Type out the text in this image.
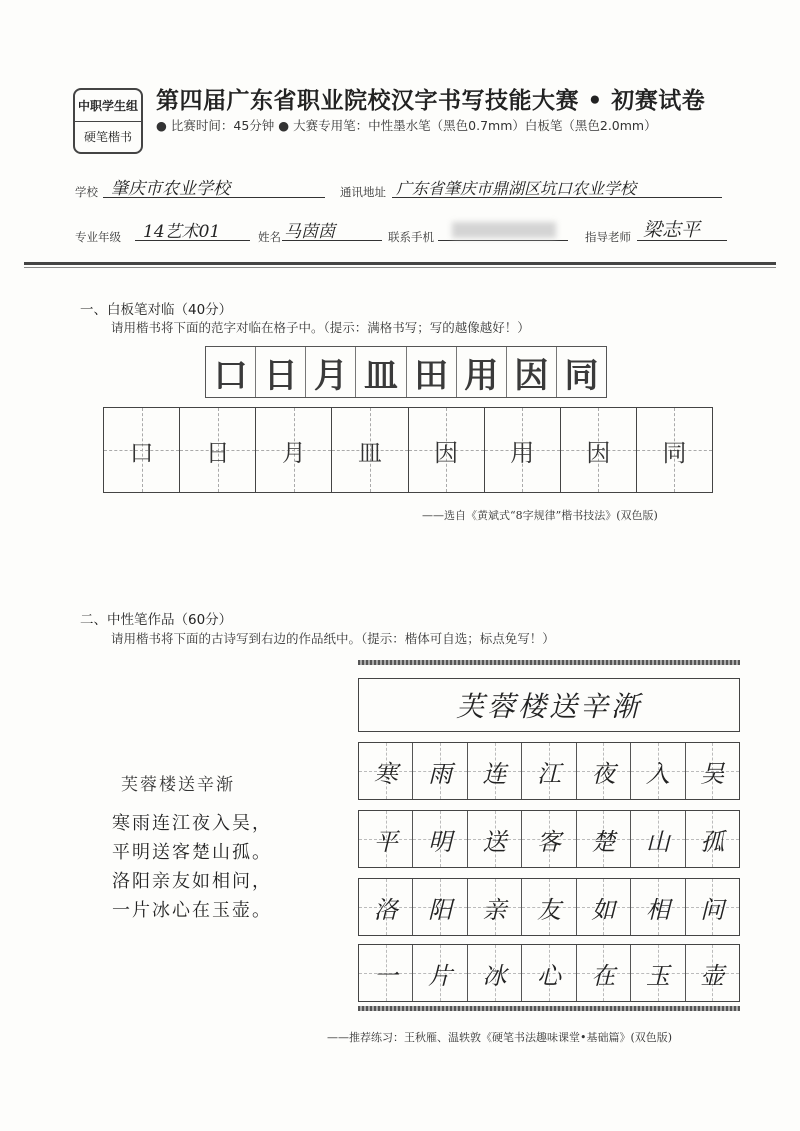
中职学生组
硬笔楷书
第四届广东省职业院校汉字书写技能大赛 • 初赛试卷
● 比赛时间：45分钟 ● 大赛专用笔：中性墨水笔（黑色0.7mm）白板笔（黑色2.0mm）
学校 肇庆市农业学校	通讯地址 广东省肇庆市鼎湖区坑口农业学校
专业年级 14艺术01	姓名 马茵茵	联系手机	指导老师 梁志平
一、白板笔对临（40分）
请用楷书将下面的范字对临在格子中。（提示：满格书写；写的越像越好！）
口 日 月 皿 田 用 因 同
口 日 月 皿 因 用 因 同
——选自《黄斌式“8字规律”楷书技法》(双色版)
二、中性笔作品（60分）
请用楷书将下面的古诗写到右边的作品纸中。（提示：楷体可自选；标点免写！）
芙蓉楼送辛渐
寒雨连江夜入吴，
平明送客楚山孤。
洛阳亲友如相问，
一片冰心在玉壶。
芙蓉楼送辛渐
寒 雨 连 江 夜 入 吴
平 明 送 客 楚 山 孤
洛 阳 亲 友 如 相 问
一 片 冰 心 在 玉 壶
——推荐练习：王秋雁、温轶敦《硬笔书法趣味课堂•基础篇》(双色版)
